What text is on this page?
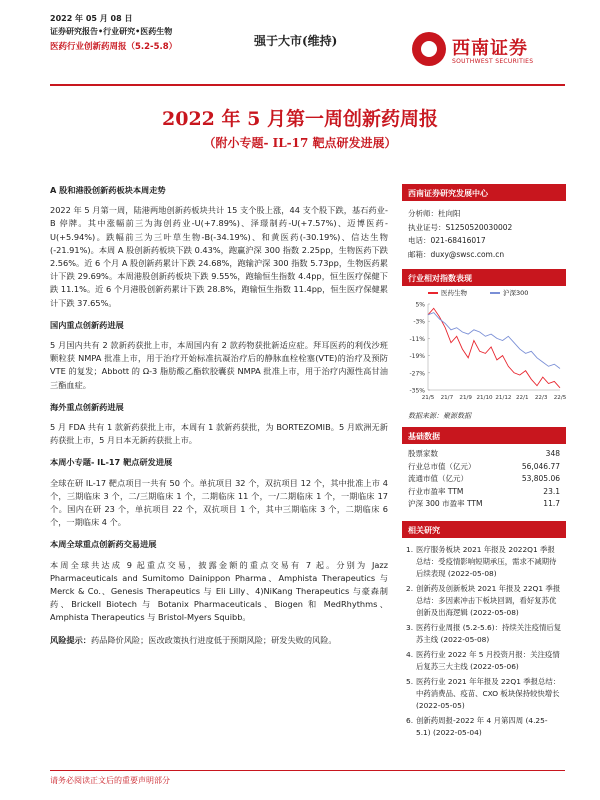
2022 年 05 月 08 日
证券研究报告•行业研究•医药生物
医药行业创新药周报（5.2-5.8）	强于大市(维持)	西南证券
SOUTHWEST SECURITIES
2022 年 5 月第一周创新药周报
（附小专题- IL-17 靶点研发进展）
A 股和港股创新药板块本周走势
2022 年 5 月第一周，陆港两地创新药板块共计 15 支个股上涨，44 支个股下跌，基石药业-B 停牌。其中涨幅前三为海创药业-U(+7.89%)、泽璟制药-U(+7.57%)、迈博医药-U(+5.94%)。跌幅前三为三叶草生物-B(-34.19%)、和黄医药(-30.19%)、信达生物(-21.91%)。本周 A 股创新药板块下跌 0.43%，跑赢沪深 300 指数 2.25pp，生物医药下跌 2.56%。近 6 个月 A 股创新药累计下跌 24.68%，跑输沪深 300 指数 5.73pp，生物医药累计下跌 29.69%。本周港股创新药板块下跌 9.55%，跑输恒生指数 4.4pp，恒生医疗保健下跌 11.1%。近 6 个月港股创新药累计下跌 28.8%，跑输恒生指数 11.4pp，恒生医疗保健累计下跌 37.65%。
国内重点创新药进展
5 月国内共有 2 款新药获批上市，本周国内有 2 款药物获批新适应症。拜耳医药的利伐沙班颗粒获 NMPA 批准上市，用于治疗开始标准抗凝治疗后的静脉血栓栓塞(VTE)的治疗及预防 VTE 的复发；Abbott 的 Ω-3 脂肪酸乙酯软胶囊获 NMPA 批准上市，用于治疗内源性高甘油三酯血症。
海外重点创新药进展
5 月 FDA 共有 1 款新药获批上市，本周有 1 款新药获批，为 BORTEZOMIB。5 月欧洲无新药获批上市，5 月日本无新药获批上市。
本周小专题- IL-17 靶点研发进展
全球在研 IL-17 靶点项目一共有 50 个。单抗项目 32 个，双抗项目 12 个，其中批准上市 4 个，三期临床 3 个，二/三期临床 1 个，二期临床 11 个，一/二期临床 1 个，一期临床 17 个。国内在研 23 个，单抗项目 22 个，双抗项目 1 个，其中三期临床 3 个，二期临床 6 个，一期临床 4 个。
本周全球重点创新药交易进展
本周全球共达成 9 起重点交易，披露金额的重点交易有 7 起。分别为 Jazz Pharmaceuticals and Sumitomo Dainippon Pharma、Amphista Therapeutics 与 Merck & Co.、Genesis Therapeutics 与 Eli Lilly、4)NiKang Therapeutics 与豪森制药、Brickell Biotech 与 Botanix Pharmaceuticals、Biogen 和 MedRhythms、Amphista Therapeutics 与 Bristol-Myers Squibb。
风险提示：药品降价风险；医改政策执行进度低于预期风险；研发失败的风险。
西南证券研究发展中心
分析师：杜向阳
执业证号：S1250520030002
电话：021-68416017
邮箱：duxy@swsc.com.cn
行业相对指数表现
医药生物	沪深300
5%
-3%
-11%
-19%
-27%
-35%
21/5 21/7 21/9 21/10 21/12 22/1 22/3 22/5
数据来源：聚源数据
基础数据
股票家数	348
行业总市值（亿元）	56,046.77
流通市值（亿元）	53,805.06
行业市盈率 TTM	23.1
沪深 300 市盈率 TTM	11.7
相关研究
1. 医疗服务板块 2021 年报及 2022Q1 季报总结：受疫情影响短期承压，需求不减期待后续表现 (2022-05-08)
2. 创新药及创新板块 2021 年报及 22Q1 季报总结：多因素冲击下板块回调，看好复苏优创新及出海逻辑 (2022-05-08)
3. 医药行业周报 (5.2-5.6)：持续关注疫情后复苏主线 (2022-05-08)
4. 医药行业 2022 年 5 月投资月报：关注疫情后复苏三大主线 (2022-05-06)
5. 医药行业 2021 年年报及 22Q1 季报总结：中药消费品、疫苗、CXO 板块保持较快增长 (2022-05-05)
6. 创新药周报-2022 年 4 月第四周 (4.25-5.1) (2022-05-04)
请务必阅读正文后的重要声明部分
